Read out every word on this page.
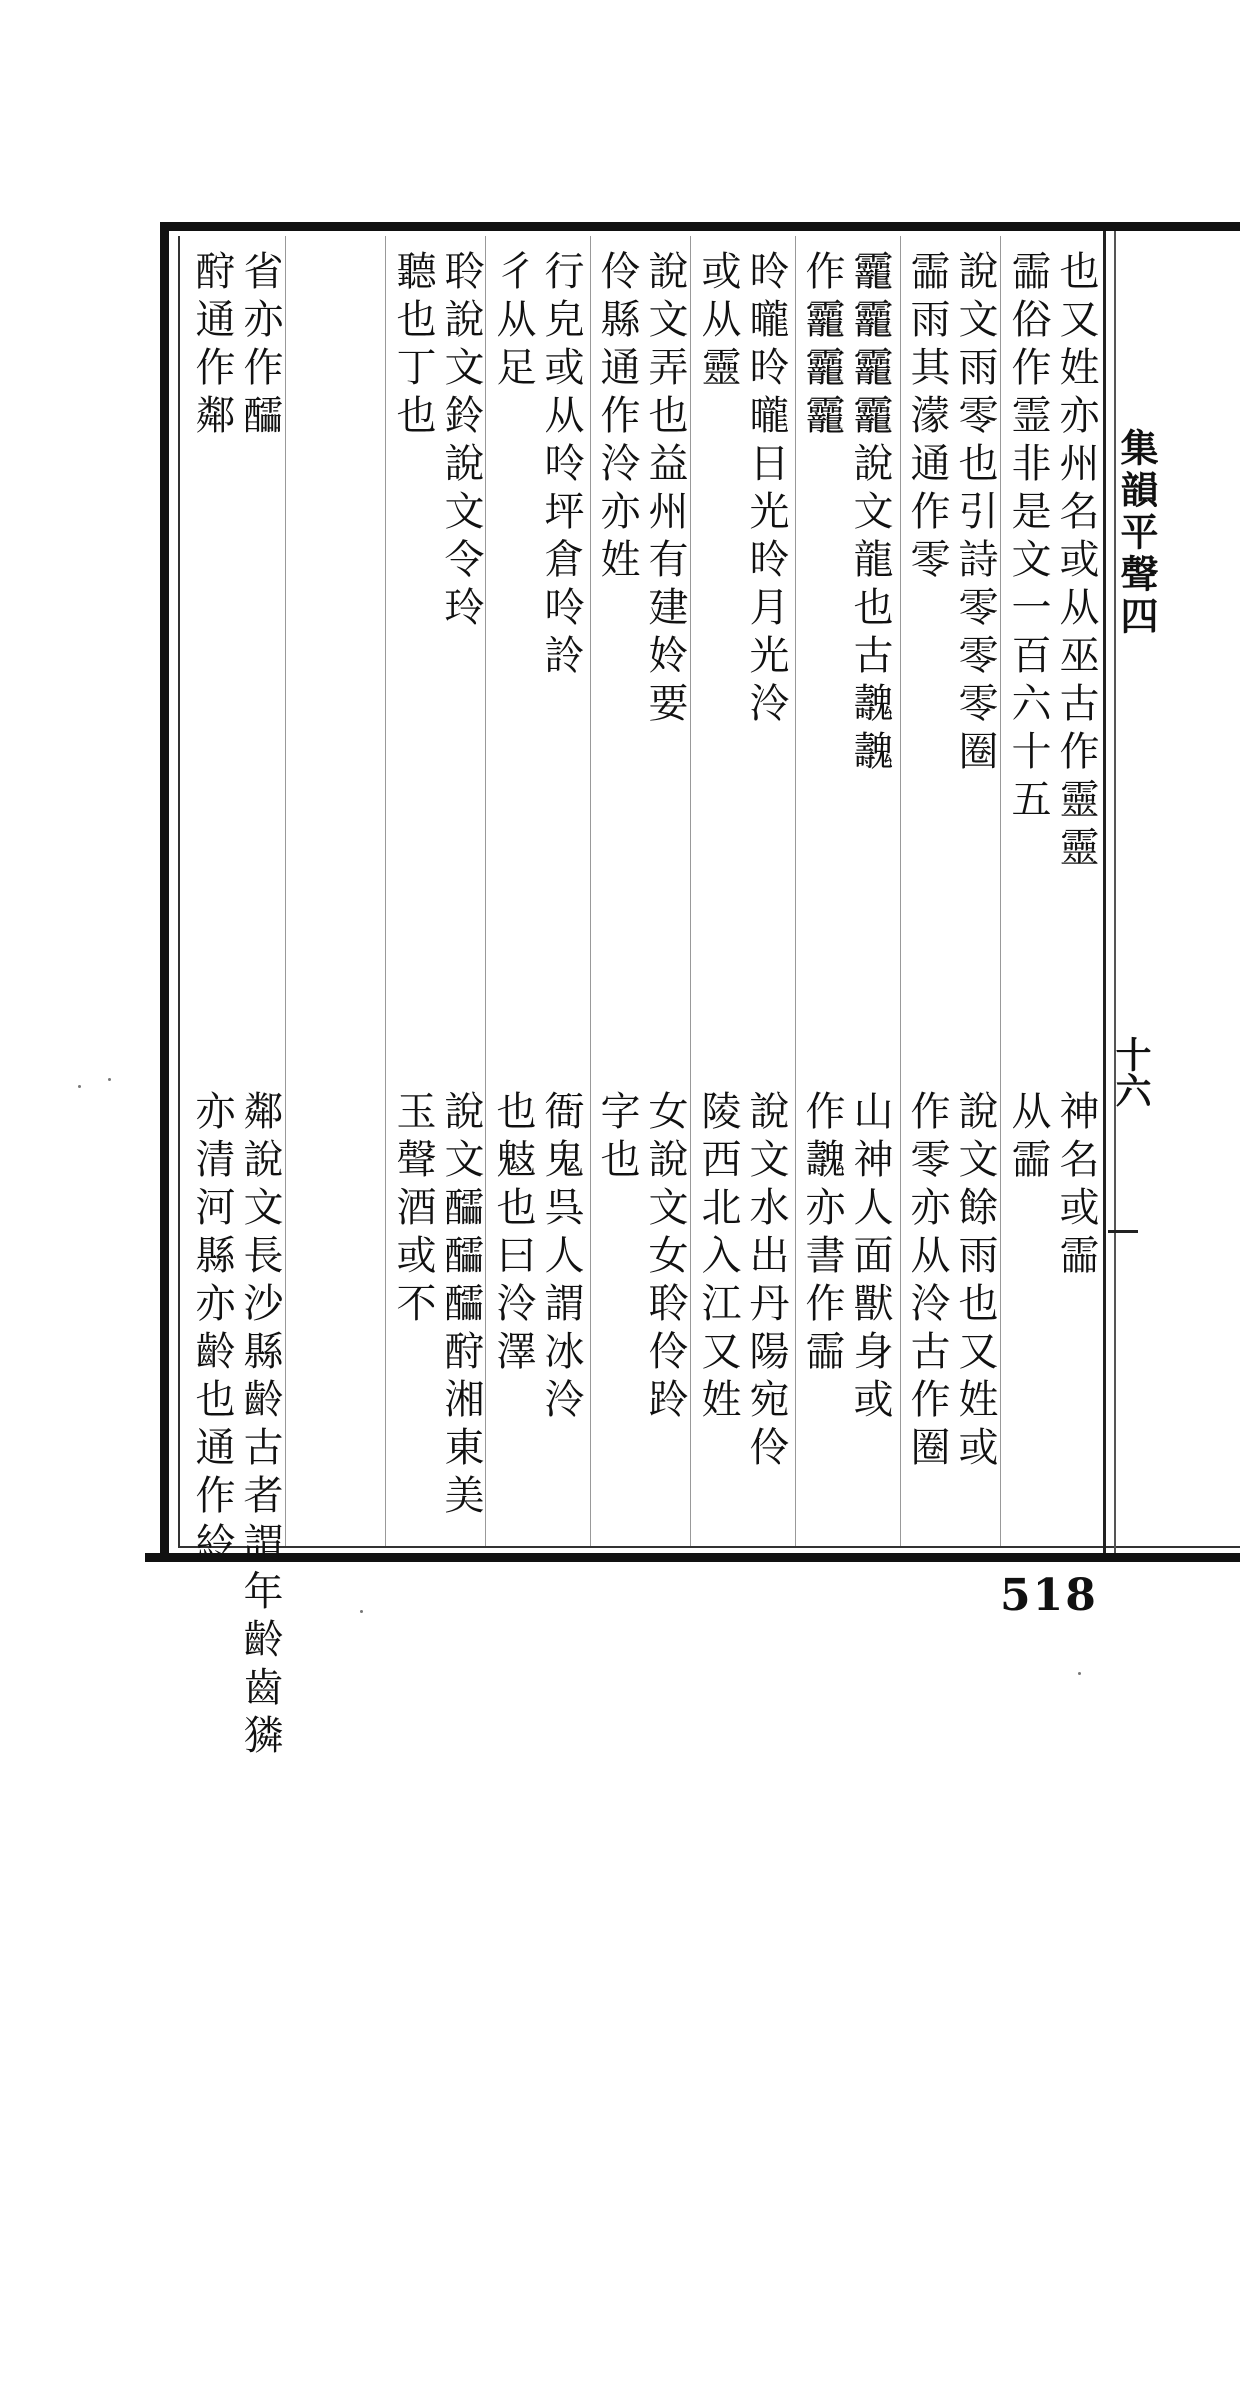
集韻平聲四
十六
也又姓亦州名或从巫古作靈靈
霝俗作霊非是文一百六十五
說文雨零也引詩零零零圈
霝雨其濛通作零
龗龗龗龗說文龍也古魗魗
作龗龗龗
昤曨昤曨日光昤月光泠
或从靈
說文弄也益州有建姈要
伶縣通作泠亦姓
行皃或从呤坪倉呤詅
彳从足
聆說文鈴說文令玲
聽也丁也
省亦作醽
酧通作鄰
山神人面獸身或
作魗亦書作霝	說文餘雨也又姓或
作零亦从泠古作圈	神名或霝
从霝
說文水出丹陽宛伶
陵西北入江又姓
女說文女聆伶跉
字也
衙鬼呉人謂冰泠
也鬾也曰泠澤
說文醽醽醽酧湘東美
玉聲酒或不
鄰說文長沙縣齡古者謂年齡齒獜
亦清河縣亦齡也通作紷
518
